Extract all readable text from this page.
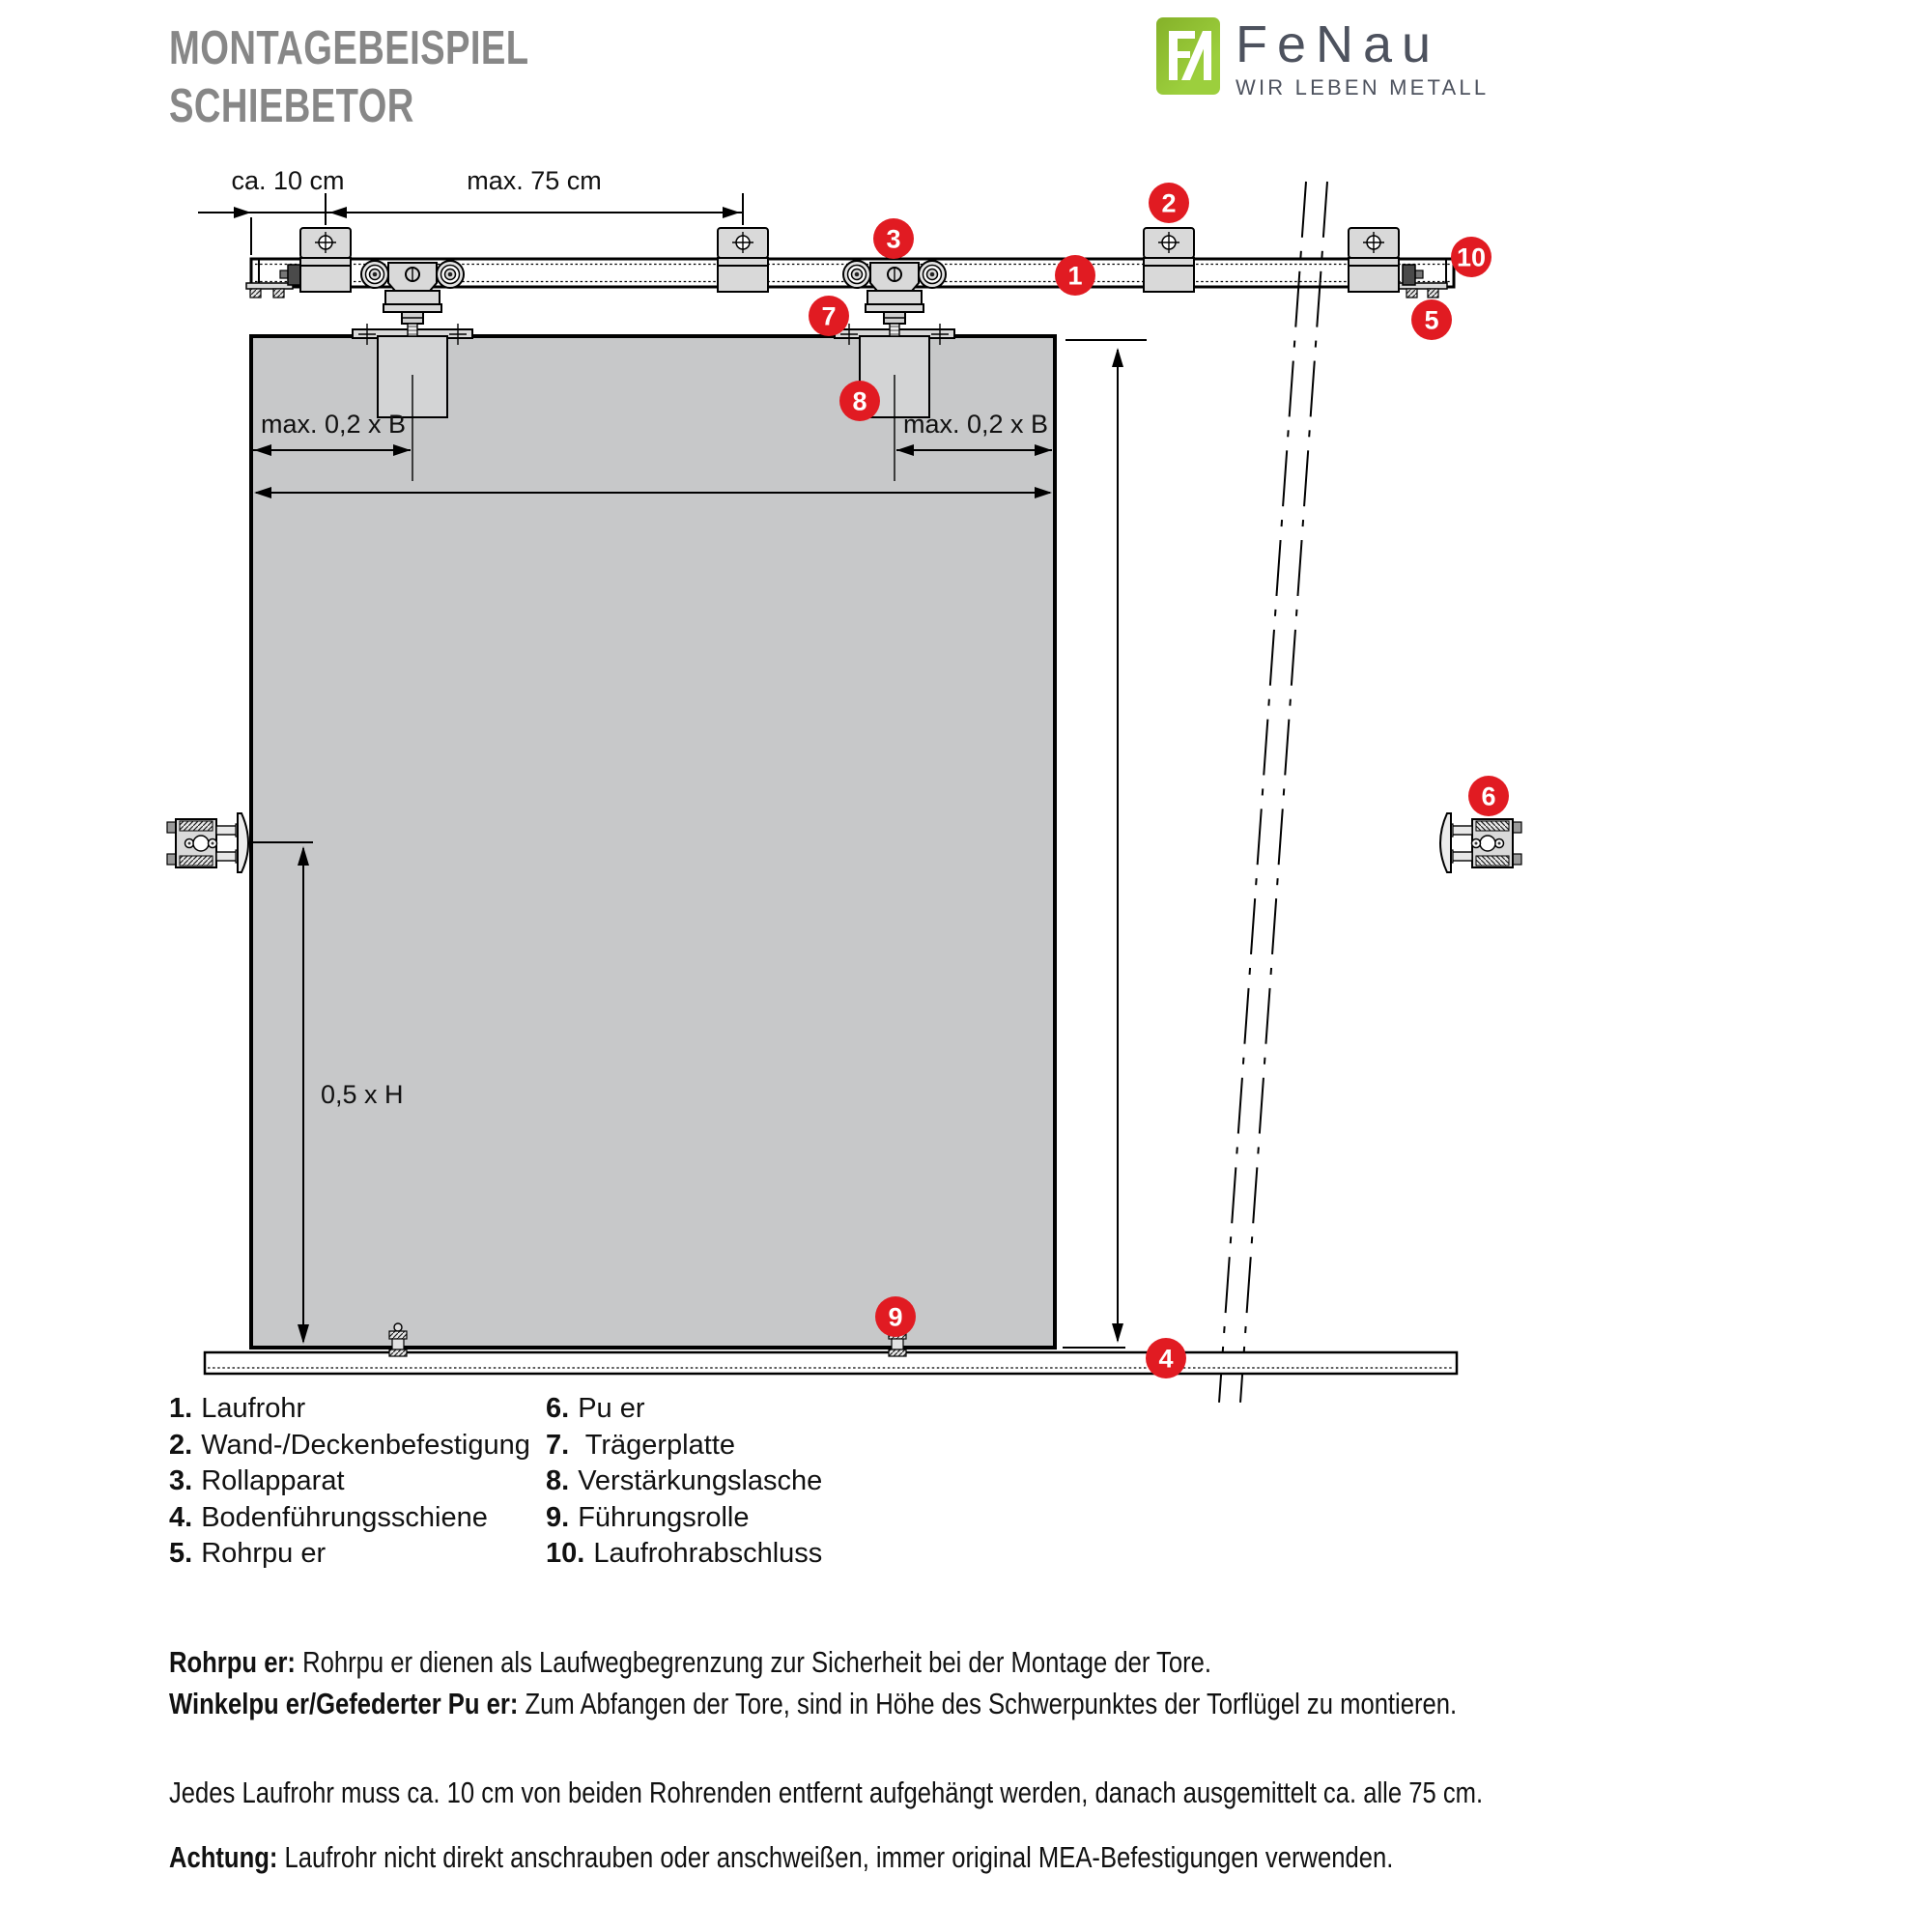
MONTAGEBEISPIEL
SCHIEBETOR
FeNau
WIR LEBEN METALL
ca. 10 cm	max. 75 cm
max. 0,2 x B	max. 0,2 x B
0,5 x H
1
2
3
4
5
6
7
8
9
10
1. Laufrohr
2. Wand-/Deckenbefestigung
3. Rollapparat
4. Bodenführungsschiene
5. Rohrpu er
6. Pu er
7. Trägerplatte
8. Verstärkungslasche
9. Führungsrolle
10. Laufrohrabschluss

Rohrpu er: Rohrpu er dienen als Laufwegbegrenzung zur Sicherheit bei der Montage der Tore.

Winkelpu er/Gefederter Pu er: Zum Abfangen der Tore, sind in Höhe des Schwerpunktes der Torflügel zu montieren.

Jedes Laufrohr muss ca. 10 cm von beiden Rohrenden entfernt aufgehängt werden, danach ausgemittelt ca. alle 75 cm.

Achtung: Laufrohr nicht direkt anschrauben oder anschweißen, immer original MEA-Befestigungen verwenden.
